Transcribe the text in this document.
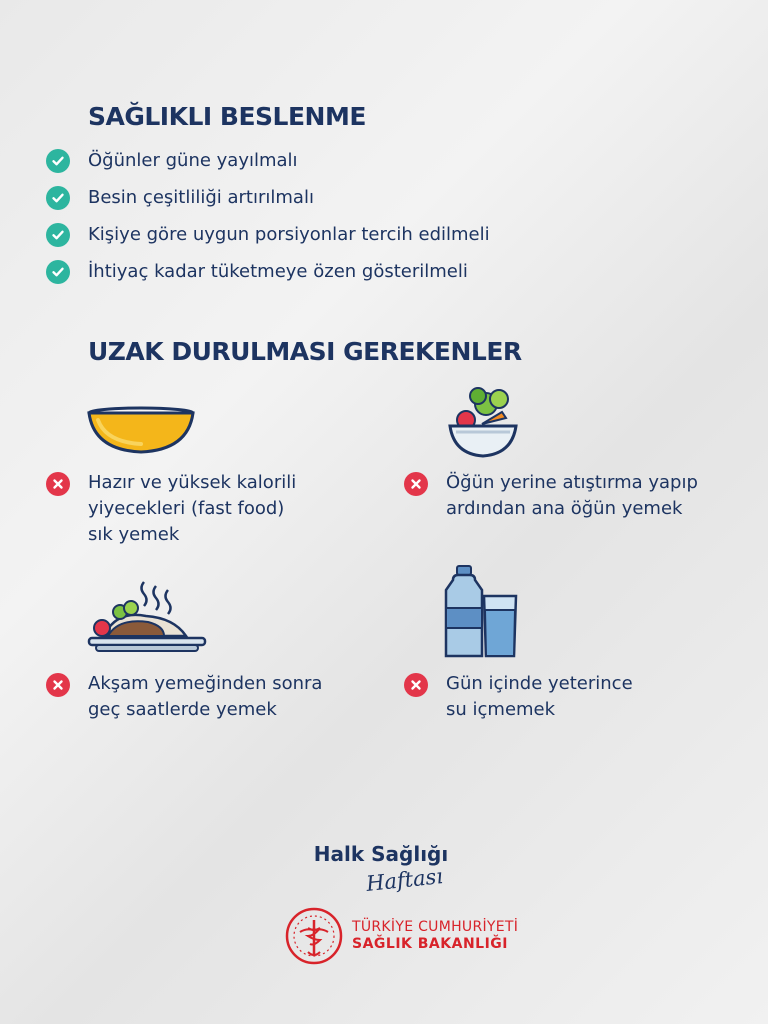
SAĞLIKLI BESLENME
Öğünler güne yayılmalı
Besin çeşitliliği artırılmalı
Kişiye göre uygun porsiyonlar tercih edilmeli
İhtiyaç kadar tüketmeye özen gösterilmeli
UZAK DURULMASI GEREKENLER
Hazır ve yüksek kalorili
yiyecekleri (fast food)
sık yemek
Öğün yerine atıştırma yapıp
ardından ana öğün yemek
Akşam yemeğinden sonra
geç saatlerde yemek
Gün içinde yeterince
su içmemek
Halk Sağlığı
Haftası
TÜRKİYE CUMHURİYETİ
SAĞLIK BAKANLIĞI
